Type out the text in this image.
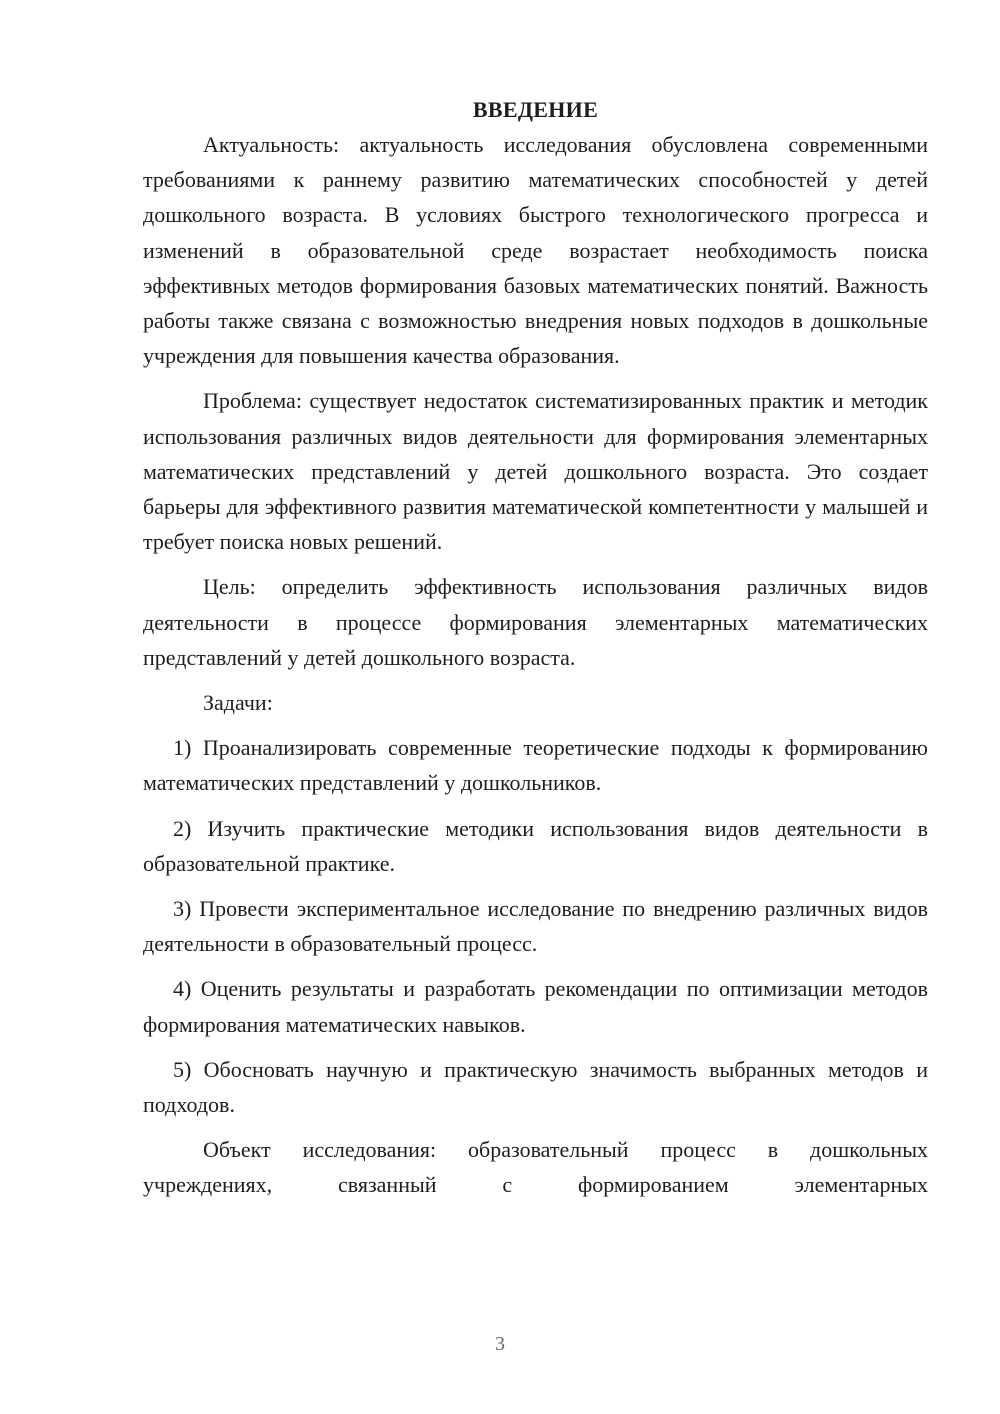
ВВЕДЕНИЕ

Актуальность: актуальность исследования обусловлена современными требованиями к раннему развитию математических способностей у детей дошкольного возраста. В условиях быстрого технологического прогресса и изменений в образовательной среде возрастает необходимость поиска эффективных методов формирования базовых математических понятий. Важность работы также связана с возможностью внедрения новых подходов в дошкольные учреждения для повышения качества образования.

Проблема: существует недостаток систематизированных практик и методик использования различных видов деятельности для формирования элементарных математических представлений у детей дошкольного возраста. Это создает барьеры для эффективного развития математической компетентности у малышей и требует поиска новых решений.

Цель: определить эффективность использования различных видов деятельности в процессе формирования элементарных математических представлений у детей дошкольного возраста.

Задачи:

1) Проанализировать современные теоретические подходы к формированию математических представлений у дошкольников.

2) Изучить практические методики использования видов деятельности в образовательной практике.

3) Провести экспериментальное исследование по внедрению различных видов деятельности в образовательный процесс.

4) Оценить результаты и разработать рекомендации по оптимизации методов формирования математических навыков.

5) Обосновать научную и практическую значимость выбранных методов и подходов.

Объект исследования: образовательный процесс в дошкольных учреждениях, связанный с формированием элементарных

3
